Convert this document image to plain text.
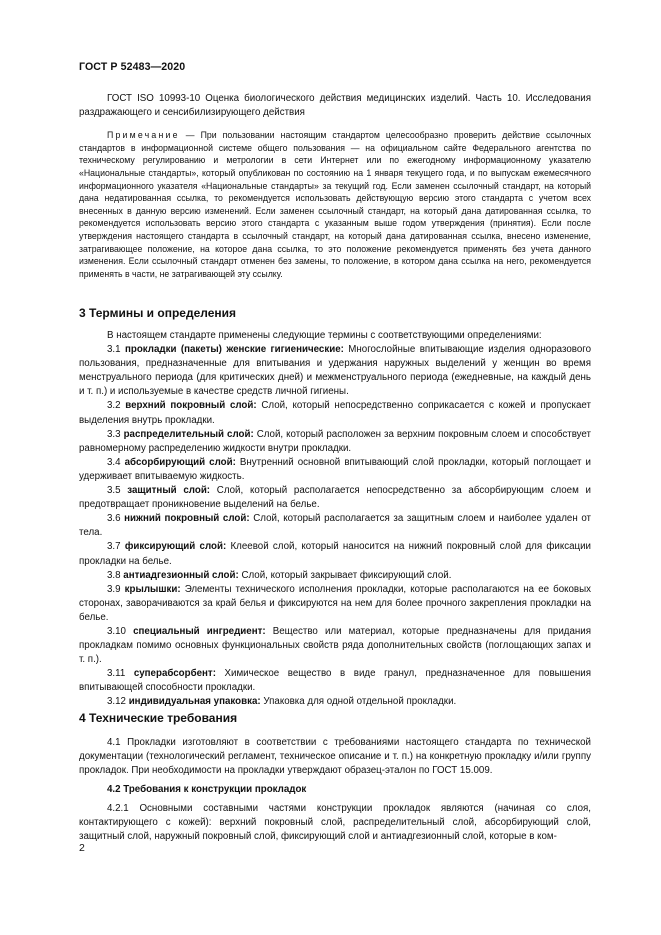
ГОСТ Р 52483—2020

ГОСТ ISO 10993-10 Оценка биологического действия медицинских изделий. Часть 10. Исследования раздражающего и сенсибилизирующего действия

Примечание — При пользовании настоящим стандартом целесообразно проверить действие ссылочных стандартов в информационной системе общего пользования — на официальном сайте Федерального агентства по техническому регулированию и метрологии в сети Интернет или по ежегодному информационному указателю «Национальные стандарты», который опубликован по состоянию на 1 января текущего года, и по выпускам ежемесячного информационного указателя «Национальные стандарты» за текущий год. Если заменен ссылочный стандарт, на который дана недатированная ссылка, то рекомендуется использовать действующую версию этого стандарта с учетом всех внесенных в данную версию изменений. Если заменен ссылочный стандарт, на который дана датированная ссылка, то рекомендуется использовать версию этого стандарта с указанным выше годом утверждения (принятия). Если после утверждения настоящего стандарта в ссылочный стандарт, на который дана датированная ссылка, внесено изменение, затрагивающее положение, на которое дана ссылка, то это положение рекомендуется применять без учета данного изменения. Если ссылочный стандарт отменен без замены, то положение, в котором дана ссылка на него, рекомендуется применять в части, не затрагивающей эту ссылку.

3 Термины и определения

В настоящем стандарте применены следующие термины с соответствующими определениями:

3.1 прокладки (пакеты) женские гигиенические: Многослойные впитывающие изделия одноразового пользования, предназначенные для впитывания и удержания наружных выделений у женщин во время менструального периода (для критических дней) и межменструального периода (ежедневные, на каждый день и т. п.) и используемые в качестве средств личной гигиены.

3.2 верхний покровный слой: Слой, который непосредственно соприкасается с кожей и пропускает выделения внутрь прокладки.

3.3 распределительный слой: Слой, который расположен за верхним покровным слоем и способствует равномерному распределению жидкости внутри прокладки.

3.4 абсорбирующий слой: Внутренний основной впитывающий слой прокладки, который поглощает и удерживает впитываемую жидкость.

3.5 защитный слой: Слой, который располагается непосредственно за абсорбирующим слоем и предотвращает проникновение выделений на белье.

3.6 нижний покровный слой: Слой, который располагается за защитным слоем и наиболее удален от тела.

3.7 фиксирующий слой: Клеевой слой, который наносится на нижний покровный слой для фиксации прокладки на белье.

3.8 антиадгезионный слой: Слой, который закрывает фиксирующий слой.

3.9 крылышки: Элементы технического исполнения прокладки, которые располагаются на ее боковых сторонах, заворачиваются за край белья и фиксируются на нем для более прочного закрепления прокладки на белье.

3.10 специальный ингредиент: Вещество или материал, которые предназначены для придания прокладкам помимо основных функциональных свойств ряда дополнительных свойств (поглощающих запах и т. п.).

3.11 суперабсорбент: Химическое вещество в виде гранул, предназначенное для повышения впитывающей способности прокладки.

3.12 индивидуальная упаковка: Упаковка для одной отдельной прокладки.

4 Технические требования

4.1 Прокладки изготовляют в соответствии с требованиями настоящего стандарта по технической документации (технологический регламент, техническое описание и т. п.) на конкретную прокладку и/или группу прокладок. При необходимости на прокладки утверждают образец-эталон по ГОСТ 15.009.

4.2 Требования к конструкции прокладок

4.2.1 Основными составными частями конструкции прокладок являются (начиная со слоя, контактирующего с кожей): верхний покровный слой, распределительный слой, абсорбирующий слой, защитный слой, наружный покровный слой, фиксирующий слой и антиадгезионный слой, которые в ком-

2
